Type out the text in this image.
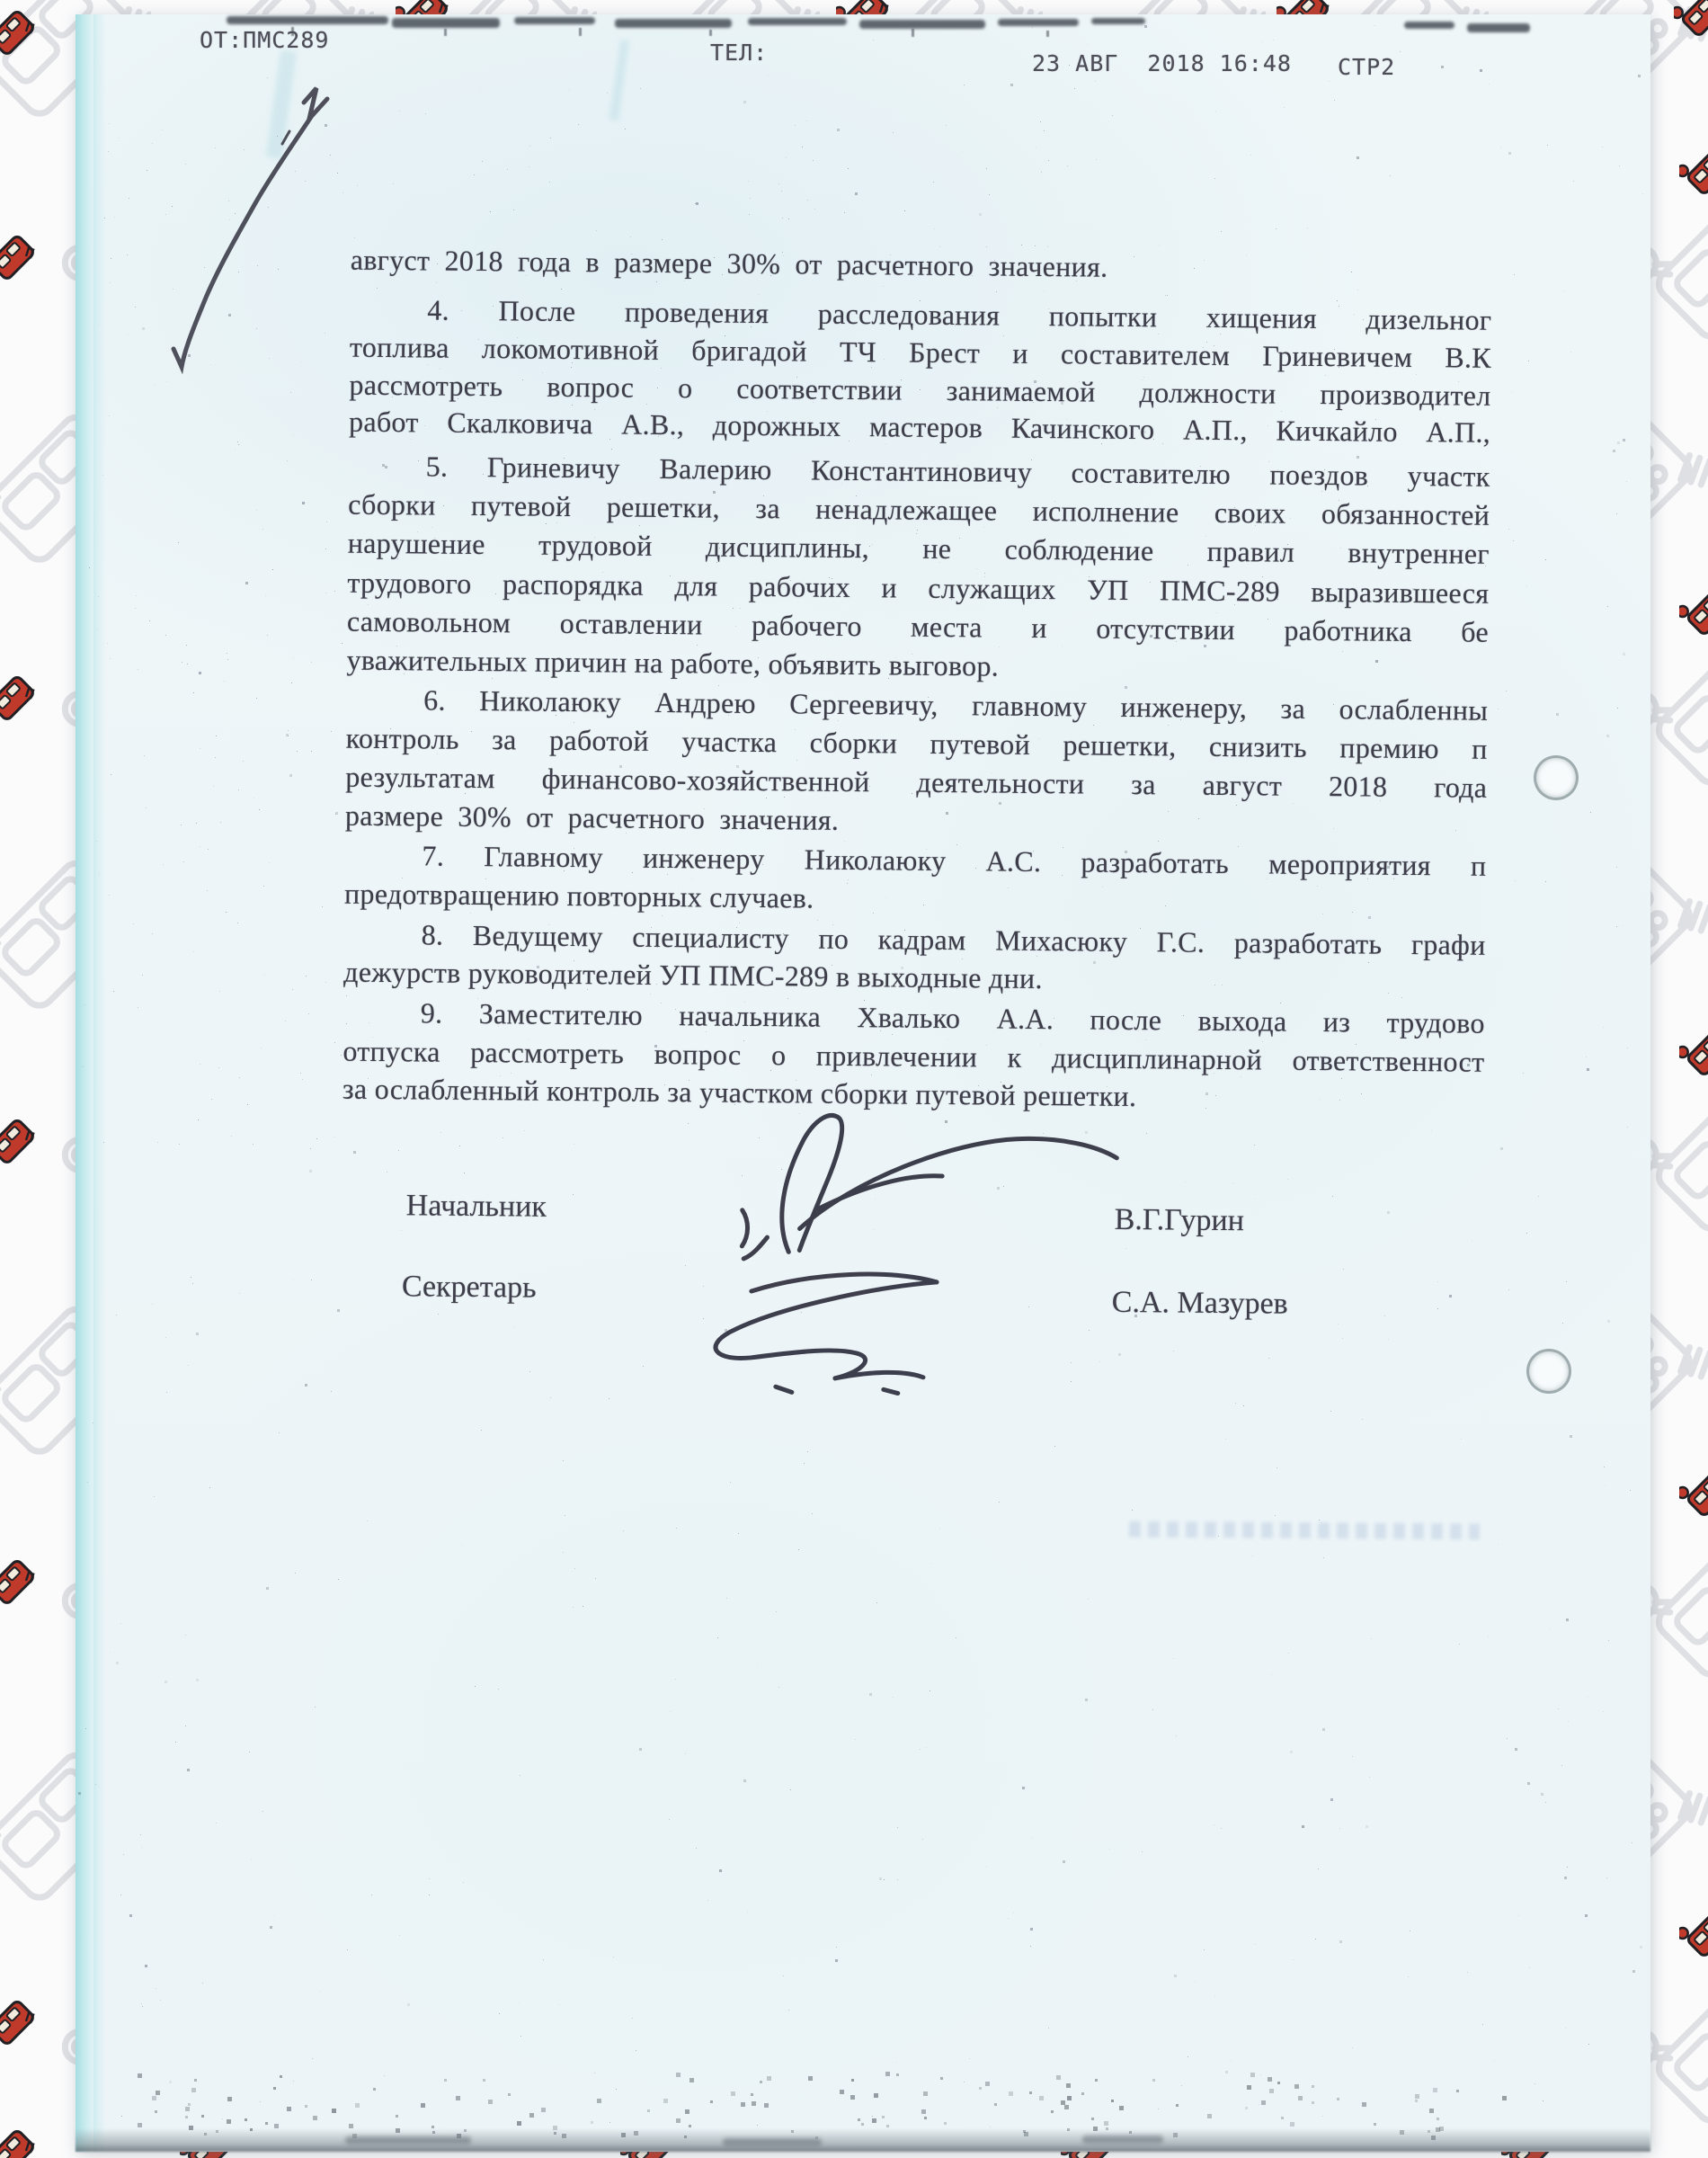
ОТ:ПМС289	ТЕЛ:	23 АВГ  2018 16:48 СТР2
за ослабленный контроль за участком сборки путевой решетки.
отпуска рассмотреть вопрос о привлечении к дисциплинарной ответственност
9. Заместителю начальника Хвалько А.А. после выхода из трудово
дежурств руководителей УП ПМС-289 в выходные дни.
8. Ведущему специалисту по кадрам Михасюку Г.С. разработать графи
предотвращению повторных случаев.
7. Главному инженеру Николаюку А.С. разработать мероприятия п
размере 30% от расчетного значения.
результатам финансово-хозяйственной деятельности за август 2018 года
контроль за работой участка сборки путевой решетки, снизить премию п
6. Николаюку Андрею Сергеевичу, главному инженеру, за ослабленны
уважительных причин на работе, объявить выговор.
самовольном оставлении рабочего места и отсутствии работника бе
трудового распорядка для рабочих и служащих УП ПМС-289 выразившееся
нарушение трудовой дисциплины, не соблюдение правил внутреннег
сборки путевой решетки, за ненадлежащее исполнение своих обязанностей
5. Гриневичу Валерию Константиновичу составителю поездов участк
работ Скалковича А.В., дорожных мастеров Качинского А.П., Кичкайло А.П.,
рассмотреть вопрос о соответствии занимаемой должности производител
топлива локомотивной бригадой ТЧ Брест и составителем Гриневичем В.К
4. После проведения расследования попытки хищения дизельног
август 2018 года в размере 30% от расчетного значения.
Начальник	В.Г.Гурин
Секретарь	С.А. Мазурев
